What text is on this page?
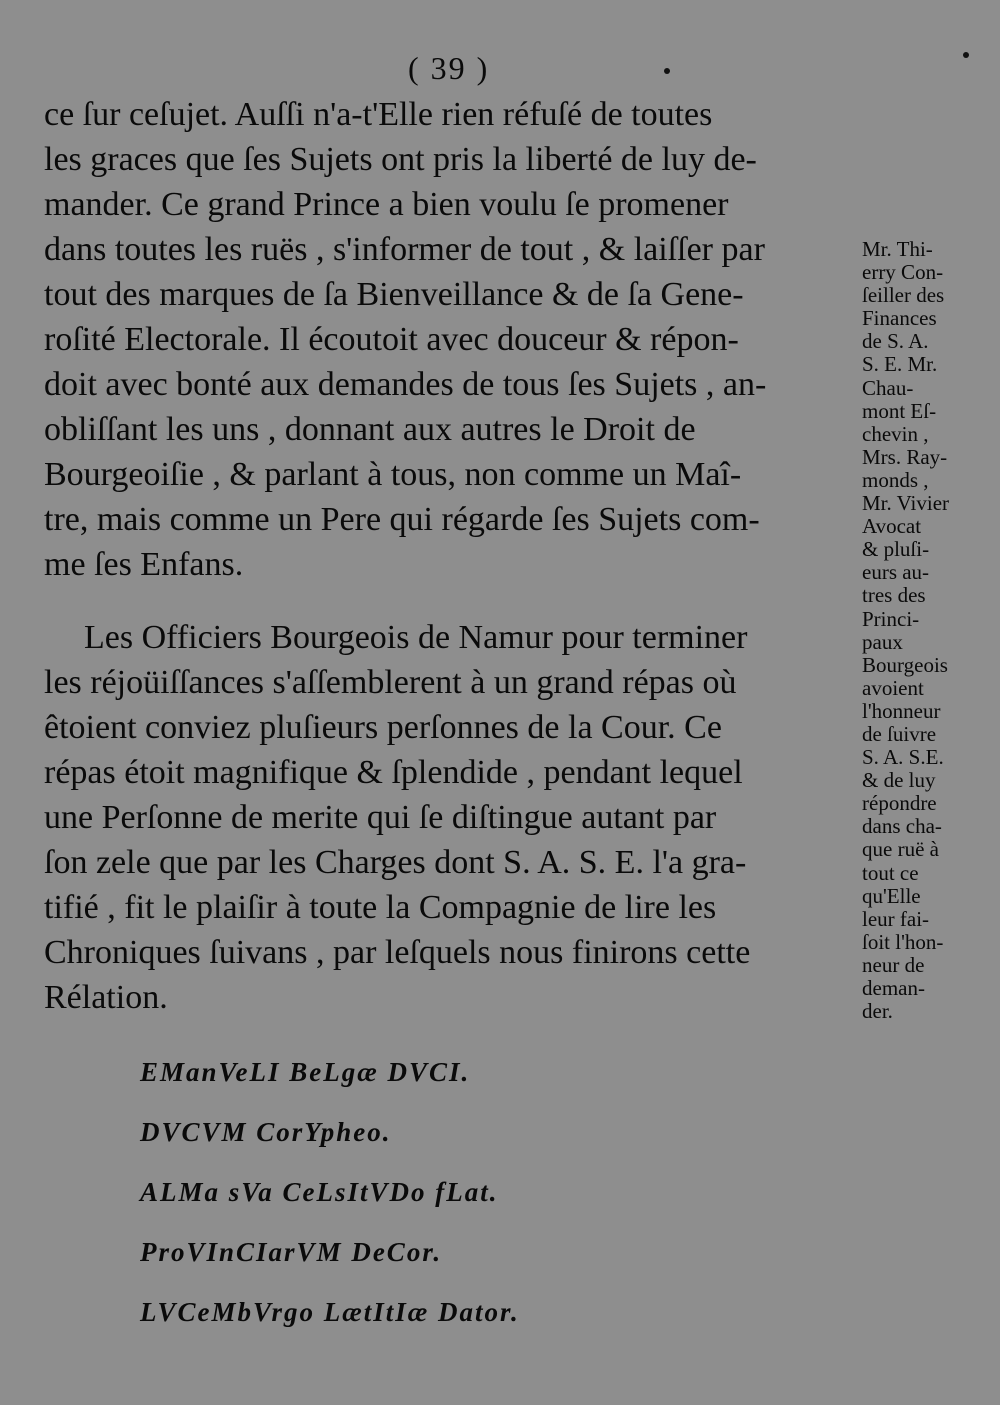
( 39 )
ce ſur ceſujet. Auſſi n'a-t'Elle rien réfuſé de toutes
les graces que ſes Sujets ont pris la liberté de luy de-
mander. Ce grand Prince a bien voulu ſe promener
dans toutes les ruës , s'informer de tout , & laiſſer par
tout des marques de ſa Bienveillance & de ſa Gene-
roſité Electorale. Il écoutoit avec douceur & répon-
doit avec bonté aux demandes de tous ſes Sujets , an-
obliſſant les uns , donnant aux autres le Droit de
Bourgeoiſie , & parlant à tous, non comme un Maî-
tre, mais comme un Pere qui régarde ſes Sujets com-
me ſes Enfans.
Les Officiers Bourgeois de Namur pour terminer
les réjoüiſſances s'aſſemblerent à un grand répas où
êtoient conviez pluſieurs perſonnes de la Cour. Ce
répas étoit magnifique & ſplendide , pendant lequel
une Perſonne de merite qui ſe diſtingue autant par
ſon zele que par les Charges dont S. A. S. E. l'a gra-
tifié , fit le plaiſir à toute la Compagnie de lire les
Chroniques ſuivans , par leſquels nous finirons cette
Rélation.
Mr. Thi-
erry Con-
ſeiller des
Finances
de S. A.
S. E. Mr.
Chau-
mont Eſ-
chevin ,
Mrs. Ray-
monds ,
Mr. Vivier
Avocat
& pluſi-
eurs au-
tres des
Princi-
paux
Bourgeois
avoient
l'honneur
de ſuivre
S. A. S.E.
& de luy
répondre
dans cha-
que ruë à
tout ce
qu'Elle
leur fai-
ſoit l'hon-
neur de
deman-
der.
EManVeLI BeLgæ DVCI.
DVCVM CorYpheo.
ALMa sVa CeLsItVDo fLat.
ProVInCIarVM DeCor.
LVCeMbVrgo LætItIæ Dator.
